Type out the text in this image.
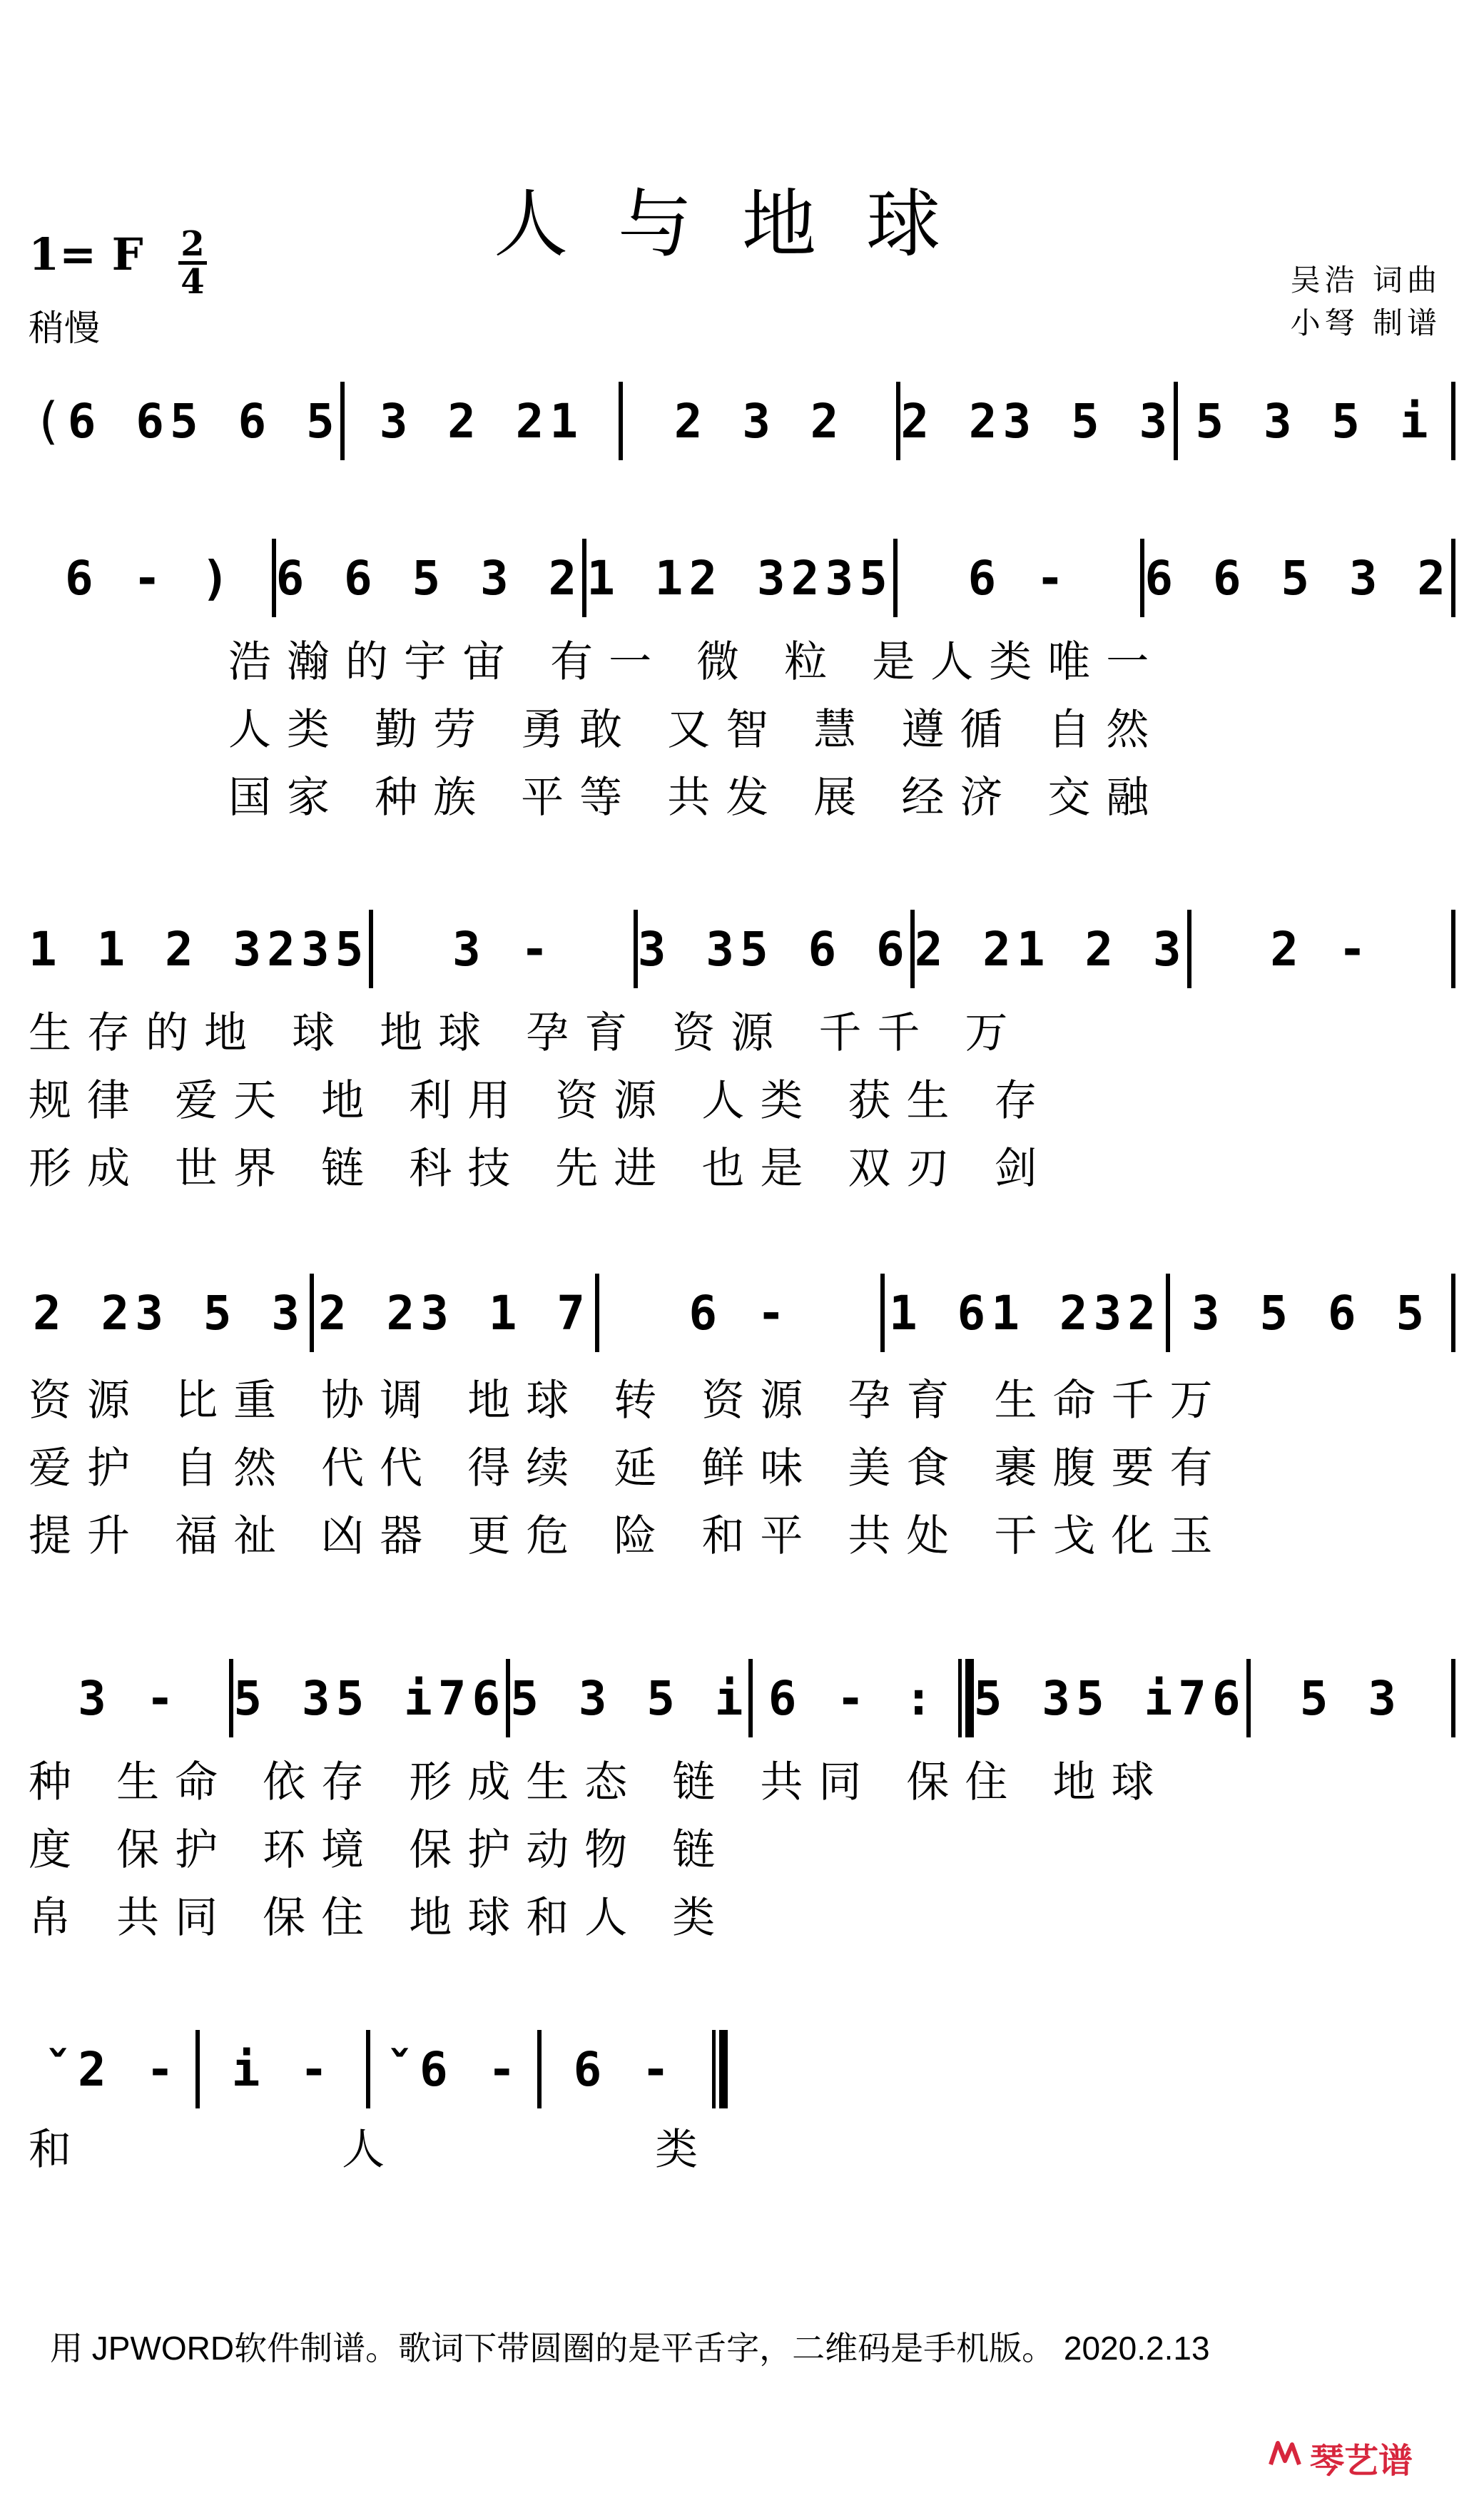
人与地球
1= F 2
4
稍慢
吴浩 词曲
小弩 制谱
( 6 65 6 5 3 2 21	2 3 2	2 23 5 3 5 3 5 i
6 - ) 6 6 5 3 2 1 12 3235	6 -	6 6 5 3 2
浩瀚的宇宙 有一 微 粒 是人类唯一
人类 勤劳 勇敢 又智 慧 遵循 自然
国家 种族 平等 共发 展 经济 交融
1 1 2 3235	3 -	3 35 6 6 2 21 2 3	2 -
生存的地 球 地球 孕育 资源 千千 万
规律 爱天 地 利用 资源 人类 获生 存
形成 世界 链 科技 先进 也是 双刃 剑
2 23 5 3 2 23 1 7	6 -	1 61 232 3 5 6 5
资源 比重 协调 地球 转 资源 孕育 生命千万
爱护 自然 代代 得续 延 鲜味 美食 裹腹要有
提升 福祉 凶器 更危 险 和平 共处 干戈化玉
3 -	5 35 i76 5 3 5 i 6 - : 5 35 i76	5 3
种 生命 依存 形成生态 链 共同 保住 地球
度 保护 环境 保护动物 链
帛 共同 保住 地球和人 类
ˇ2 -	i -	ˇ6 -	6 -
和 人 类
用 JPWORD软件制谱。歌词下带圆圈的是平舌字，二维码是手机版。 2020.2.13
琴艺谱
